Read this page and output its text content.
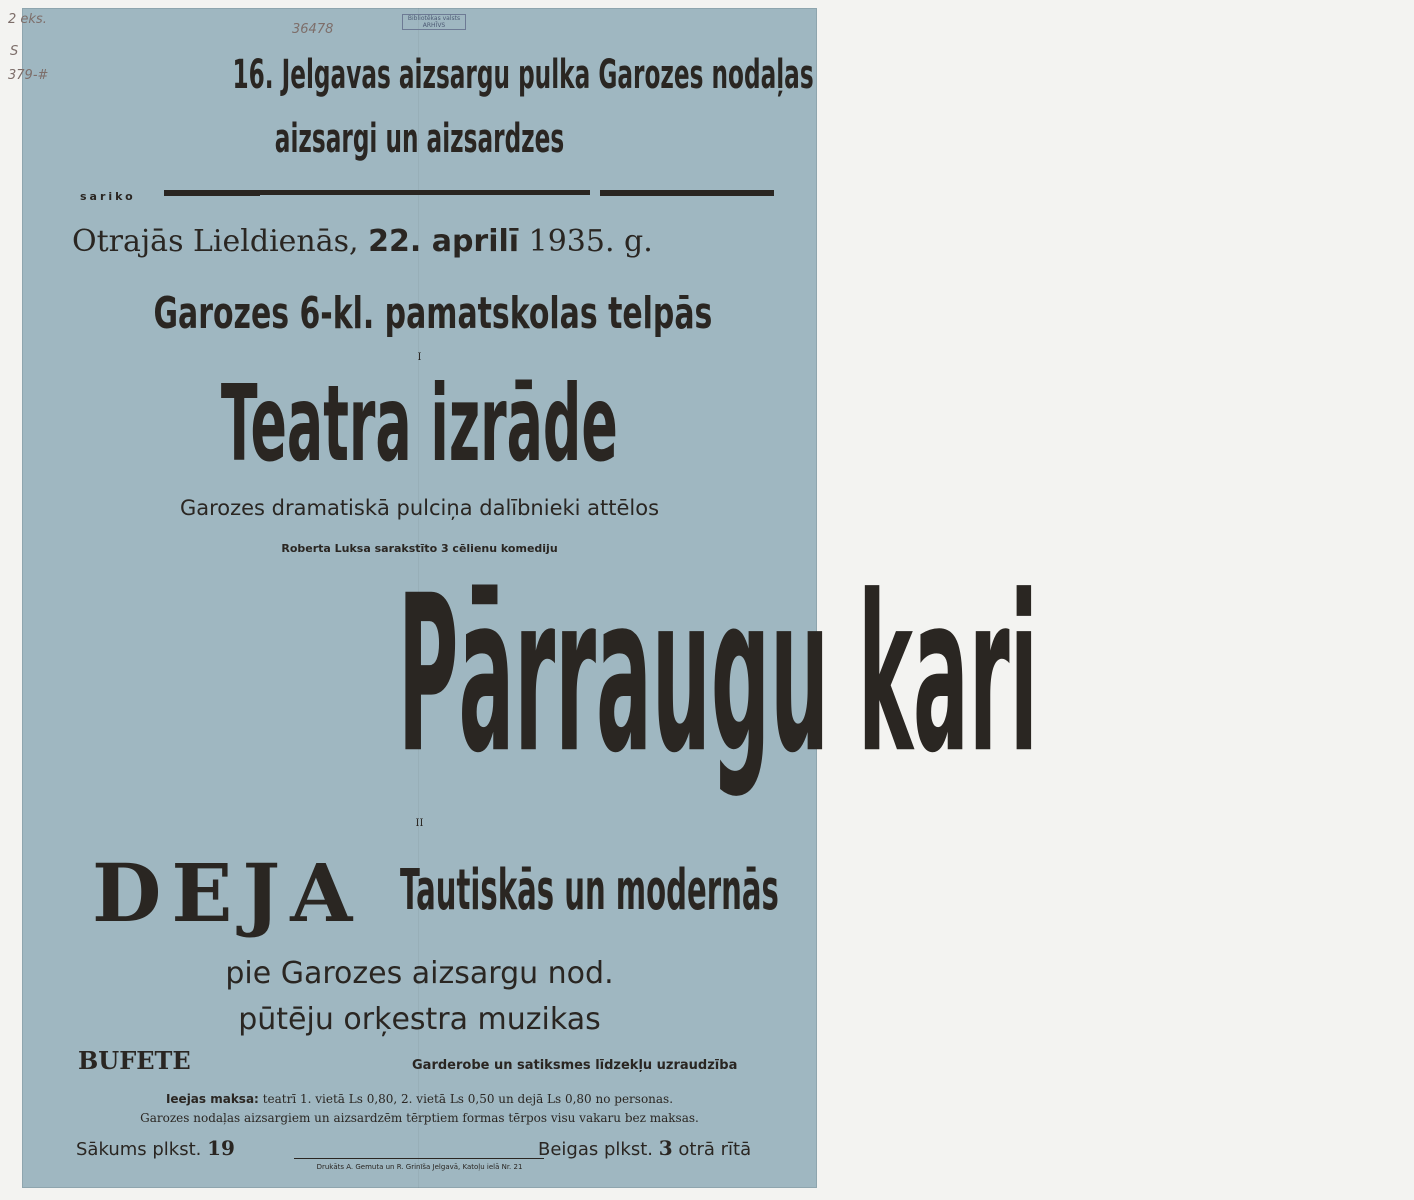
2 eks.
S
379-#
36478
Bibliotēkas valsts
ARHĪVS
16. Jelgavas aizsargu pulka Garozes nodaļas
aizsargi un aizsardzes
sariko
Otrajās Lieldienās, 22. aprilī 1935. g.
Garozes 6-kl. pamatskolas telpās
I
Teatra izrāde
Garozes dramatiskā pulciņa dalībnieki attēlos
Roberta Luksa sarakstīto 3 cēlienu komediju
Pārraugu kari
II
DEJA Tautiskās un modernās
pie Garozes aizsargu nod.
pūtēju orķestra muzikas
BUFETE	Garderobe un satiksmes līdzekļu uzraudzība
Ieejas maksa: teatrī 1. vietā Ls 0,80, 2. vietā Ls 0,50 un dejā Ls 0,80 no personas.
Garozes nodaļas aizsargiem un aizsardzēm tērptiem formas tērpos visu vakaru bez maksas.
Sākums plkst. 19	Beigas plkst. 3 otrā rītā
Drukāts A. Gemuta un R. Grinīša Jelgavā, Katoļu ielā Nr. 21
